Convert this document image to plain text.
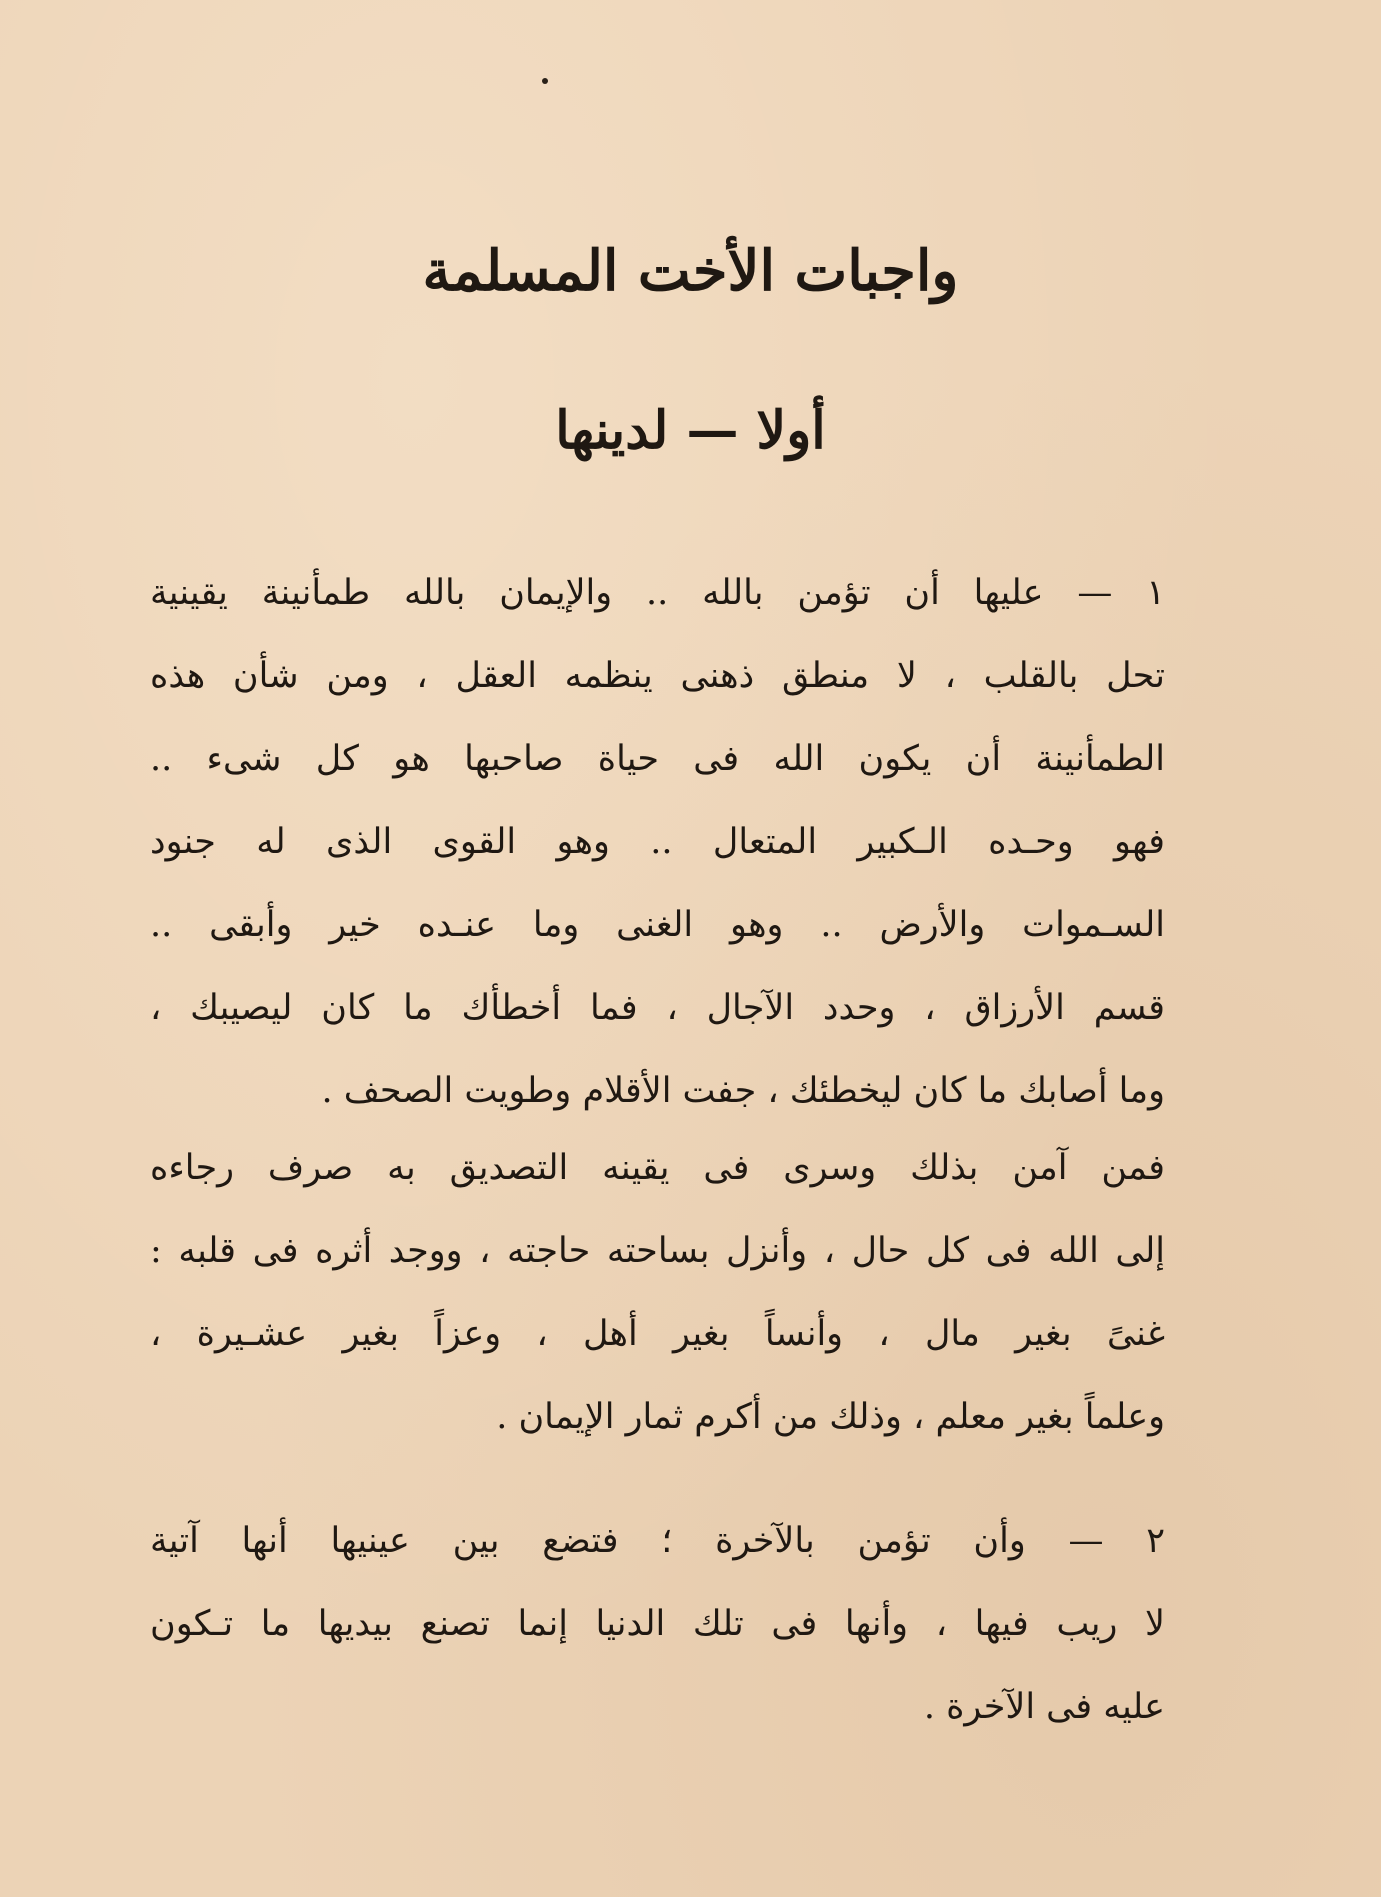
واجبات الأخت المسلمة
أولا — لدينها

١ — عليها أن تؤمن بالله .. والإيمان بالله طمأنينة يقينية
تحل بالقلب ، لا منطق ذهنى ينظمه العقل ، ومن شأن هذه
الطمأنينة أن يكون الله فى حياة صاحبها هو كل شىء ..
فهو وحـده الـكبير المتعال .. وهو القوى الذى له جنود
السـموات والأرض .. وهو الغنى وما عنـده خير وأبقى ..
قسم الأرزاق ، وحدد الآجال ، فما أخطأك ما كان ليصيبك ،
وما أصابك ما كان ليخطئك ، جفت الأقلام وطويت الصحف .

فمن آمن بذلك وسرى فى يقينه التصديق به صرف رجاءه
إلى الله فى كل حال ، وأنزل بساحته حاجته ، ووجد أثره فى قلبه :
غنىً بغير مال ، وأنساً بغير أهل ، وعزاً بغير عشـيرة ،
وعلماً بغير معلم ، وذلك من أكرم ثمار الإيمان .

٢ — وأن تؤمن بالآخرة ؛ فتضع بين عينيها أنها آتية
لا ريب فيها ، وأنها فى تلك الدنيا إنما تصنع بيديها ما تـكون
عليه فى الآخرة .
